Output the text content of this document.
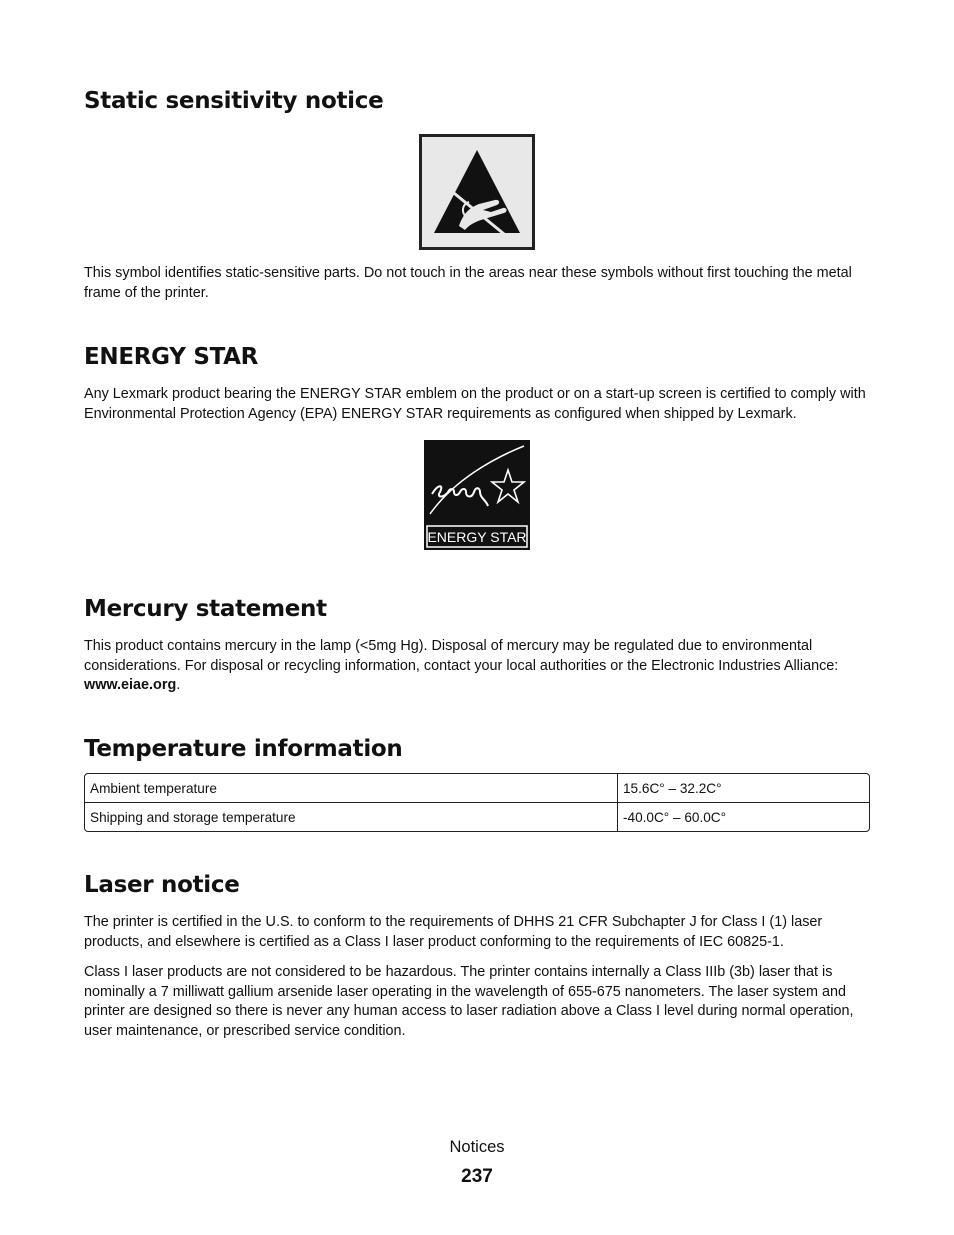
Static sensitivity notice

This symbol identifies static-sensitive parts. Do not touch in the areas near these symbols without first touching the metal frame of the printer.

ENERGY STAR

Any Lexmark product bearing the ENERGY STAR emblem on the product or on a start-up screen is certified to comply with Environmental Protection Agency (EPA) ENERGY STAR requirements as configured when shipped by Lexmark.

ENERGY STAR
Mercury statement

This product contains mercury in the lamp (<5mg Hg). Disposal of mercury may be regulated due to environmental considerations. For disposal or recycling information, contact your local authorities or the Electronic Industries Alliance: www.eiae.org.

Temperature information
Ambient temperature	15.6C° – 32.2C°
Shipping and storage temperature	-40.0C° – 60.0C°
Laser notice

The printer is certified in the U.S. to conform to the requirements of DHHS 21 CFR Subchapter J for Class I (1) laser products, and elsewhere is certified as a Class I laser product conforming to the requirements of IEC 60825-1.

Class I laser products are not considered to be hazardous. The printer contains internally a Class IIIb (3b) laser that is nominally a 7 milliwatt gallium arsenide laser operating in the wavelength of 655-675 nanometers. The laser system and printer are designed so there is never any human access to laser radiation above a Class I level during normal operation, user maintenance, or prescribed service condition.

Notices
237
